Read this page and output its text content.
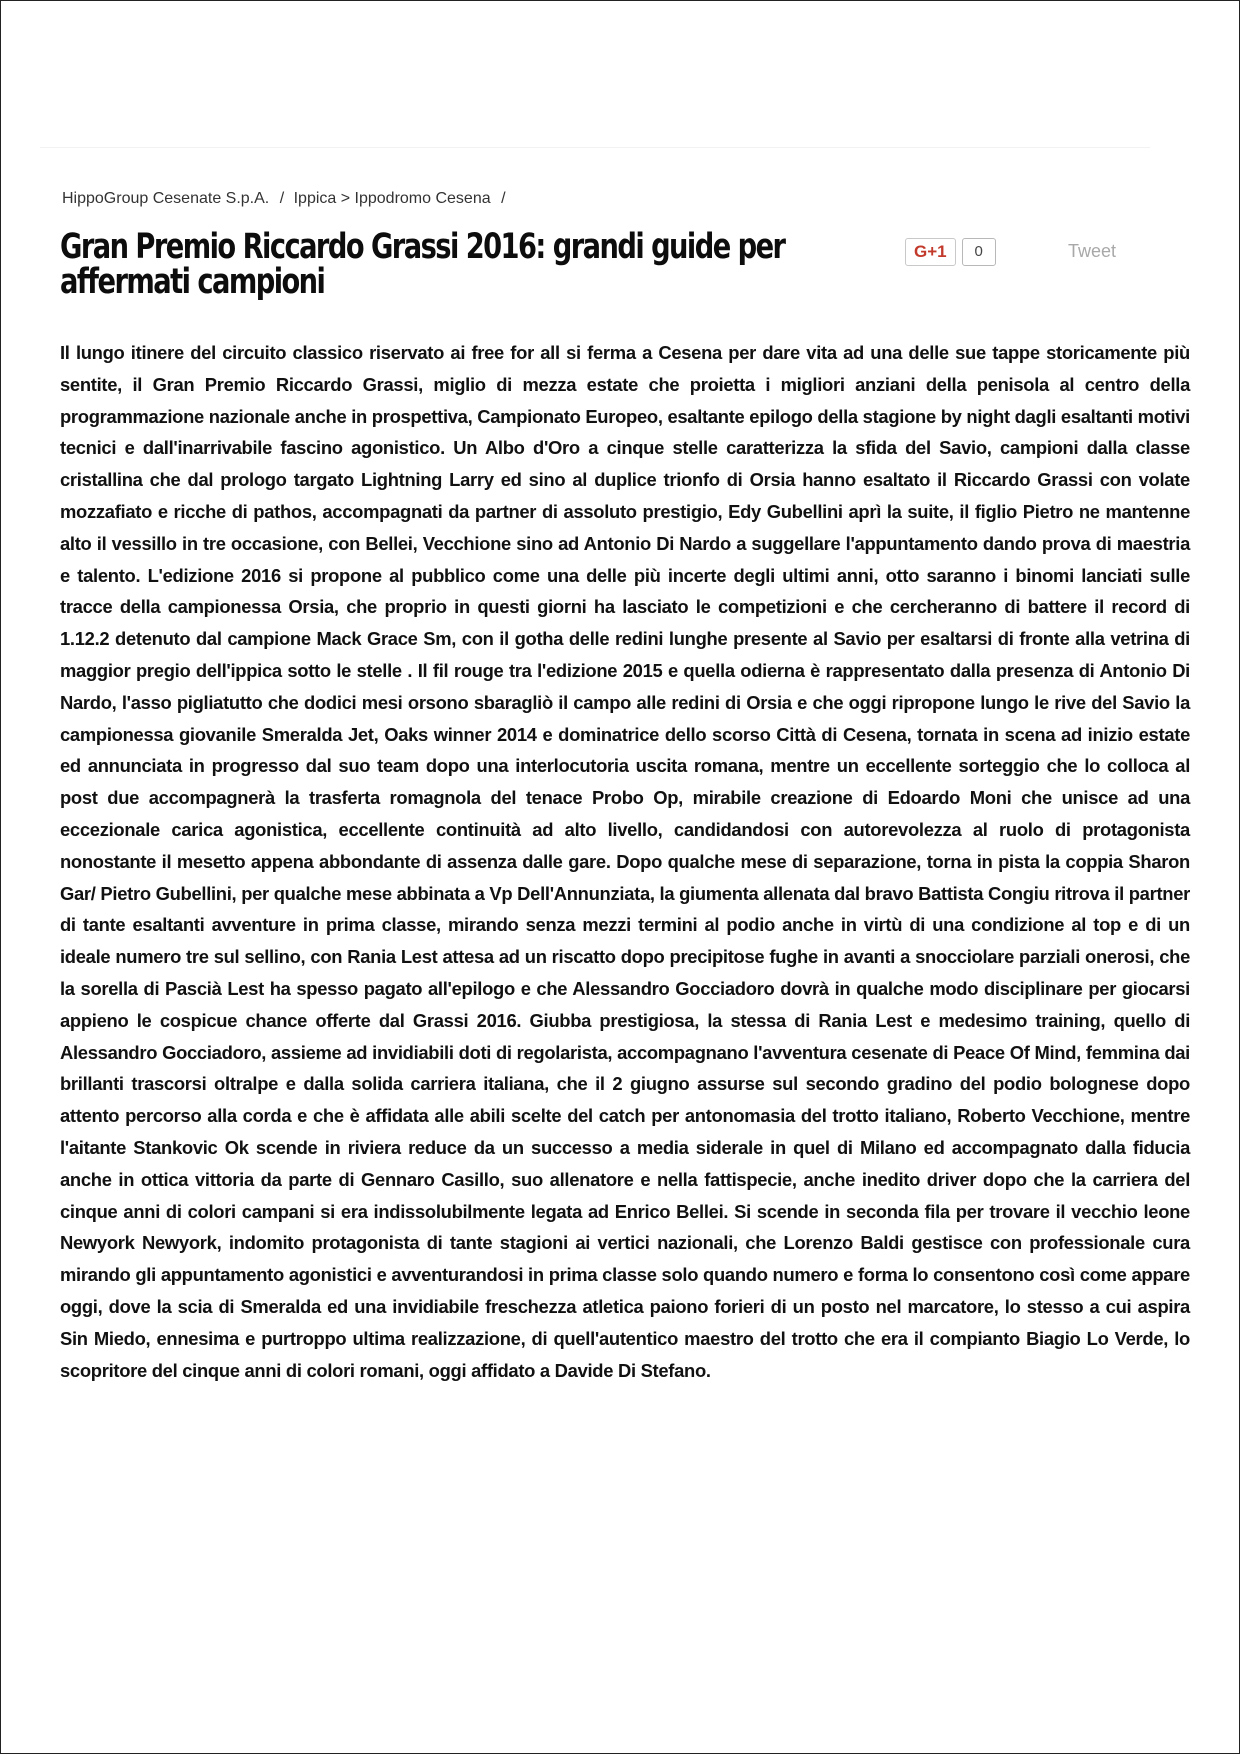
HippoGroup Cesenate S.p.A. / Ippica > Ippodromo Cesena /
Gran Premio Riccardo Grassi 2016: grandi guide per affermati campioni
G+1	0	Tweet

Il lungo itinere del circuito classico riservato ai free for all si ferma a Cesena per dare vita ad una delle sue tappe storicamente più sentite, il Gran Premio Riccardo Grassi, miglio di mezza estate che proietta i migliori anziani della penisola al centro della programmazione nazionale anche in prospettiva, Campionato Europeo, esaltante epilogo della stagione by night dagli esaltanti motivi tecnici e dall'inarrivabile fascino agonistico. Un Albo d'Oro a cinque stelle caratterizza la sfida del Savio, campioni dalla classe cristallina che dal prologo targato Lightning Larry ed sino al duplice trionfo di Orsia hanno esaltato il Riccardo Grassi con volate mozzafiato e ricche di pathos, accompagnati da partner di assoluto prestigio, Edy Gubellini aprì la suite, il figlio Pietro ne mantenne alto il vessillo in tre occasione, con Bellei, Vecchione sino ad Antonio Di Nardo a suggellare l'appuntamento dando prova di maestria e talento. L'edizione 2016 si propone al pubblico come una delle più incerte degli ultimi anni, otto saranno i binomi lanciati sulle tracce della campionessa Orsia, che proprio in questi giorni ha lasciato le competizioni e che cercheranno di battere il record di 1.12.2 detenuto dal campione Mack Grace Sm, con il gotha delle redini lunghe presente al Savio per esaltarsi di fronte alla vetrina di maggior pregio dell'ippica sotto le stelle . Il fil rouge tra l'edizione 2015 e quella odierna è rappresentato dalla presenza di Antonio Di Nardo, l'asso pigliatutto che dodici mesi orsono sbaragliò il campo alle redini di Orsia e che oggi ripropone lungo le rive del Savio la campionessa giovanile Smeralda Jet, Oaks winner 2014 e dominatrice dello scorso Città di Cesena, tornata in scena ad inizio estate ed annunciata in progresso dal suo team dopo una interlocutoria uscita romana, mentre un eccellente sorteggio che lo colloca al post due accompagnerà la trasferta romagnola del tenace Probo Op, mirabile creazione di Edoardo Moni che unisce ad una eccezionale carica agonistica, eccellente continuità ad alto livello, candidandosi con autorevolezza al ruolo di protagonista nonostante il mesetto appena abbondante di assenza dalle gare. Dopo qualche mese di separazione, torna in pista la coppia Sharon Gar/ Pietro Gubellini, per qualche mese abbinata a Vp Dell'Annunziata, la giumenta allenata dal bravo Battista Congiu ritrova il partner di tante esaltanti avventure in prima classe, mirando senza mezzi termini al podio anche in virtù di una condizione al top e di un ideale numero tre sul sellino, con Rania Lest attesa ad un riscatto dopo precipitose fughe in avanti a snocciolare parziali onerosi, che la sorella di Pascià Lest ha spesso pagato all'epilogo e che Alessandro Gocciadoro dovrà in qualche modo disciplinare per giocarsi appieno le cospicue chance offerte dal Grassi 2016. Giubba prestigiosa, la stessa di Rania Lest e medesimo training, quello di Alessandro Gocciadoro, assieme ad invidiabili doti di regolarista, accompagnano l'avventura cesenate di Peace Of Mind, femmina dai brillanti trascorsi oltralpe e dalla solida carriera italiana, che il 2 giugno assurse sul secondo gradino del podio bolognese dopo attento percorso alla corda e che è affidata alle abili scelte del catch per antonomasia del trotto italiano, Roberto Vecchione, mentre l'aitante Stankovic Ok scende in riviera reduce da un successo a media siderale in quel di Milano ed accompagnato dalla fiducia anche in ottica vittoria da parte di Gennaro Casillo, suo allenatore e nella fattispecie, anche inedito driver dopo che la carriera del cinque anni di colori campani si era indissolubilmente legata ad Enrico Bellei. Si scende in seconda fila per trovare il vecchio leone Newyork Newyork, indomito protagonista di tante stagioni ai vertici nazionali, che Lorenzo Baldi gestisce con professionale cura mirando gli appuntamento agonistici e avventurandosi in prima classe solo quando numero e forma lo consentono così come appare oggi, dove la scia di Smeralda ed una invidiabile freschezza atletica paiono forieri di un posto nel marcatore, lo stesso a cui aspira Sin Miedo, ennesima e purtroppo ultima realizzazione, di quell'autentico maestro del trotto che era il compianto Biagio Lo Verde, lo scopritore del cinque anni di colori romani, oggi affidato a Davide Di Stefano.
